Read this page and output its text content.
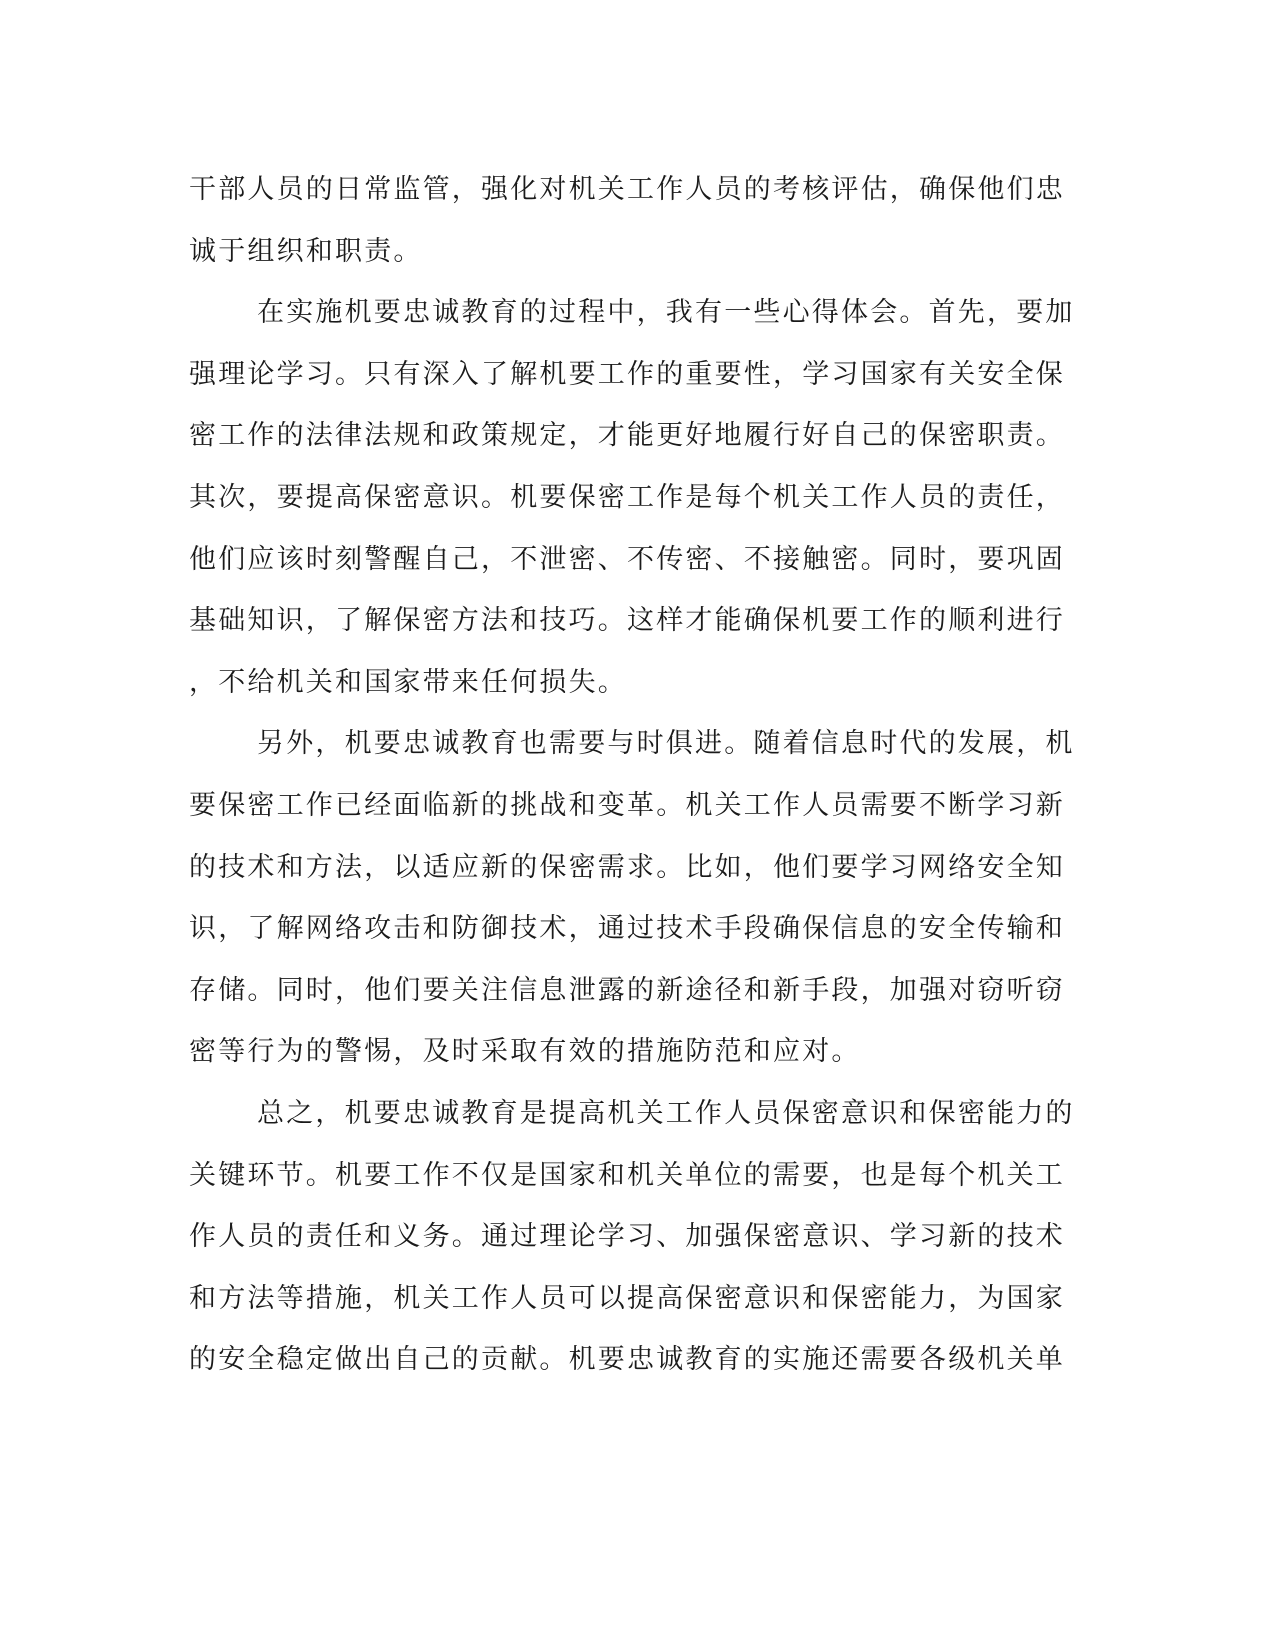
干部人员的日常监管，强化对机关工作人员的考核评估，确保他们忠
诚于组织和职责。
在实施机要忠诚教育的过程中，我有一些心得体会。首先，要加
强理论学习。只有深入了解机要工作的重要性，学习国家有关安全保
密工作的法律法规和政策规定，才能更好地履行好自己的保密职责。
其次，要提高保密意识。机要保密工作是每个机关工作人员的责任，
他们应该时刻警醒自己，不泄密、不传密、不接触密。同时，要巩固
基础知识，了解保密方法和技巧。这样才能确保机要工作的顺利进行
，不给机关和国家带来任何损失。
另外，机要忠诚教育也需要与时俱进。随着信息时代的发展，机
要保密工作已经面临新的挑战和变革。机关工作人员需要不断学习新
的技术和方法，以适应新的保密需求。比如，他们要学习网络安全知
识，了解网络攻击和防御技术，通过技术手段确保信息的安全传输和
存储。同时，他们要关注信息泄露的新途径和新手段，加强对窃听窃
密等行为的警惕，及时采取有效的措施防范和应对。
总之，机要忠诚教育是提高机关工作人员保密意识和保密能力的
关键环节。机要工作不仅是国家和机关单位的需要，也是每个机关工
作人员的责任和义务。通过理论学习、加强保密意识、学习新的技术
和方法等措施，机关工作人员可以提高保密意识和保密能力，为国家
的安全稳定做出自己的贡献。机要忠诚教育的实施还需要各级机关单
